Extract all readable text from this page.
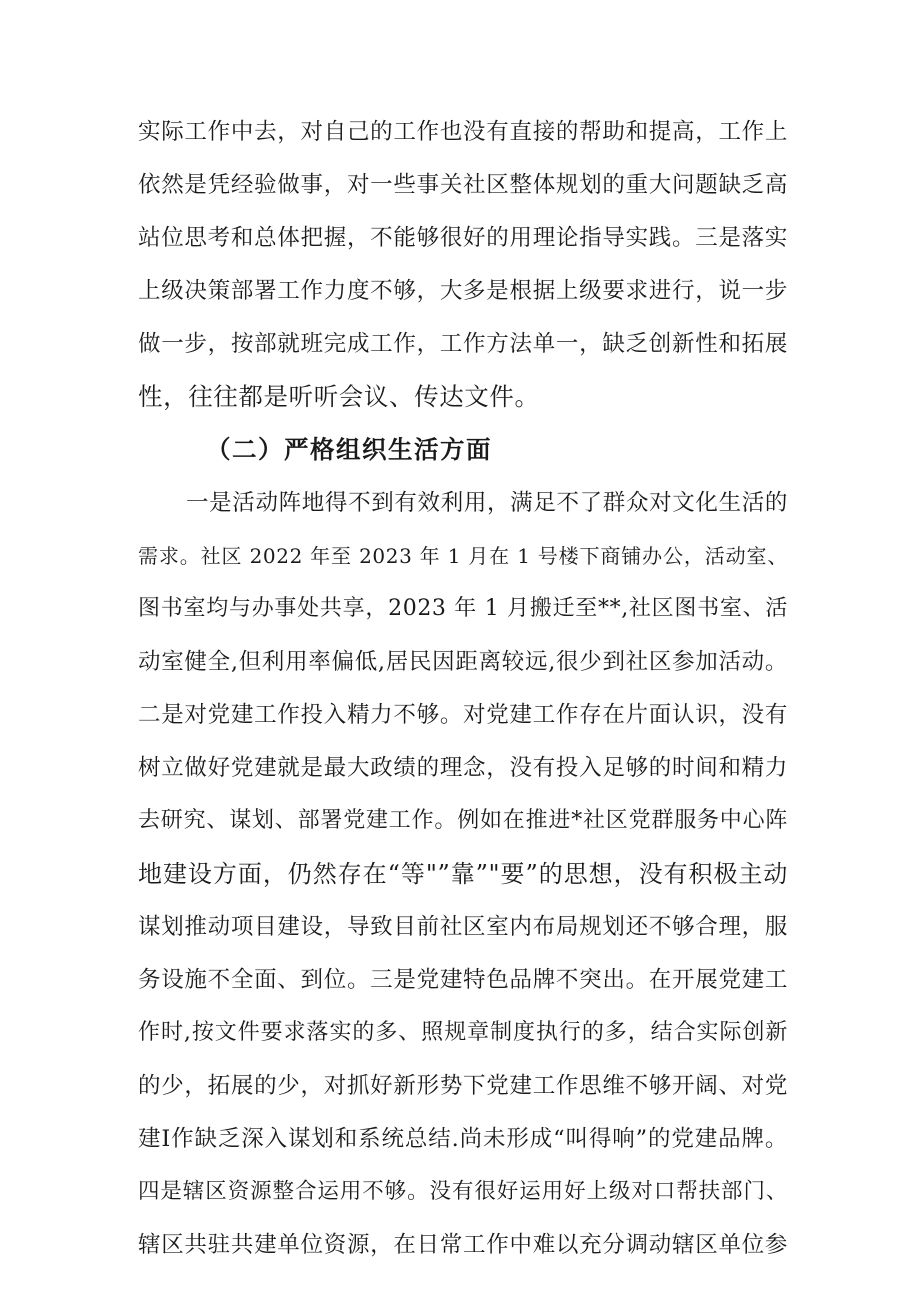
实际工作中去，对自己的工作也没有直接的帮助和提高，工作上
依然是凭经验做事，对一些事关社区整体规划的重大问题缺乏高
站位思考和总体把握，不能够很好的用理论指导实践。三是落实
上级决策部署工作力度不够，大多是根据上级要求进行，说一步
做一步，按部就班完成工作，工作方法单一，缺乏创新性和拓展
性，往往都是听听会议、传达文件。
（二）严格组织生活方面
一是活动阵地得不到有效利用，满足不了群众对文化生活的
需求。社区 2022 年至 2023 年 1 月在 1 号楼下商铺办公，活动室、
图书室均与办事处共享，2023 年 1 月搬迁至**,社区图书室、活
动室健全,但利用率偏低,居民因距离较远,很少到社区参加活动。
二是对党建工作投入精力不够。对党建工作存在片面认识，没有
树立做好党建就是最大政绩的理念，没有投入足够的时间和精力
去研究、谋划、部署党建工作。例如在推进*社区党群服务中心阵
地建设方面，仍然存在“等"”靠”"要”的思想，没有积极主动
谋划推动项目建设，导致目前社区室内布局规划还不够合理，服
务设施不全面、到位。三是党建特色品牌不突出。在开展党建工
作时,按文件要求落实的多、照规章制度执行的多，结合实际创新
的少，拓展的少，对抓好新形势下党建工作思维不够开阔、对党
建I作缺乏深入谋划和系统总结.尚未形成“叫得响”的党建品牌。
四是辖区资源整合运用不够。没有很好运用好上级对口帮扶部门、
辖区共驻共建单位资源，在日常工作中难以充分调动辖区单位参
